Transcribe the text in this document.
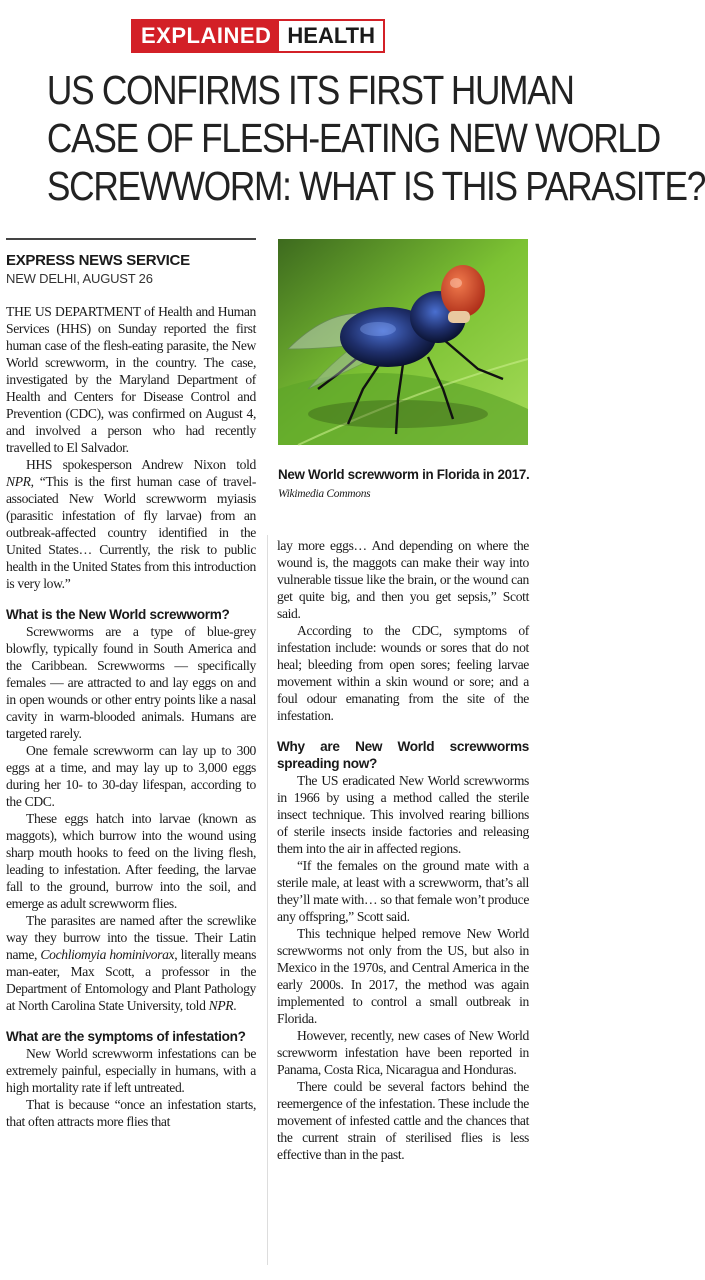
EXPLAINED HEALTH
US CONFIRMS ITS FIRST HUMAN
CASE OF FLESH-EATING NEW WORLD
SCREWWORM: WHAT IS THIS PARASITE?
EXPRESS NEWS SERVICE
NEW DELHI, AUGUST 26

THE US DEPARTMENT of Health and Human Services (HHS) on Sunday reported the first human case of the flesh-eating parasite, the New World screwworm, in the country. The case, investigated by the Maryland Department of Health and Centers for Disease Control and Prevention (CDC), was confirmed on August 4, and involved a person who had recently travelled to El Salvador.

HHS spokesperson Andrew Nixon told NPR, “This is the first human case of travel-associated New World screwworm myiasis (parasitic infestation of fly larvae) from an outbreak-affected country identified in the United States… Currently, the risk to public health in the United States from this introduction is very low.”

What is the New World screwworm?

Screwworms are a type of blue-grey blowfly, typically found in South America and the Caribbean. Screwworms — specifically females — are attracted to and lay eggs on and in open wounds or other entry points like a nasal cavity in warm-blooded animals. Humans are targeted rarely.

One female screwworm can lay up to 300 eggs at a time, and may lay up to 3,000 eggs during her 10- to 30-day lifespan, according to the CDC.

These eggs hatch into larvae (known as maggots), which burrow into the wound using sharp mouth hooks to feed on the living flesh, leading to infestation. After feeding, the larvae fall to the ground, burrow into the soil, and emerge as adult screwworm flies.

The parasites are named after the screwlike way they burrow into the tissue. Their Latin name, Cochliomyia hominivorax, literally means man-eater, Max Scott, a professor in the Department of Entomology and Plant Pathology at North Carolina State University, told NPR.

What are the symptoms of infestation?

New World screwworm infestations can be extremely painful, especially in humans, with a high mortality rate if left untreated.

That is because “once an infestation starts, that often attracts more flies that

New World screwworm in Florida in 2017. Wikimedia Commons

lay more eggs… And depending on where the wound is, the maggots can make their way into vulnerable tissue like the brain, or the wound can get quite big, and then you get sepsis,” Scott said.

According to the CDC, symptoms of infestation include: wounds or sores that do not heal; bleeding from open sores; feeling larvae movement within a skin wound or sore; and a foul odour emanating from the site of the infestation.

Why are New World screwworms spreading now?

The US eradicated New World screwworms in 1966 by using a method called the sterile insect technique. This involved rearing billions of sterile insects inside factories and releasing them into the air in affected regions.

“If the females on the ground mate with a sterile male, at least with a screwworm, that’s all they’ll mate with… so that female won’t produce any offspring,” Scott said.

This technique helped remove New World screwworms not only from the US, but also in Mexico in the 1970s, and Central America in the early 2000s. In 2017, the method was again implemented to control a small outbreak in Florida.

However, recently, new cases of New World screwworm infestation have been reported in Panama, Costa Rica, Nicaragua and Honduras.

There could be several factors behind the reemergence of the infestation. These include the movement of infested cattle and the chances that the current strain of sterilised flies is less effective than in the past.
